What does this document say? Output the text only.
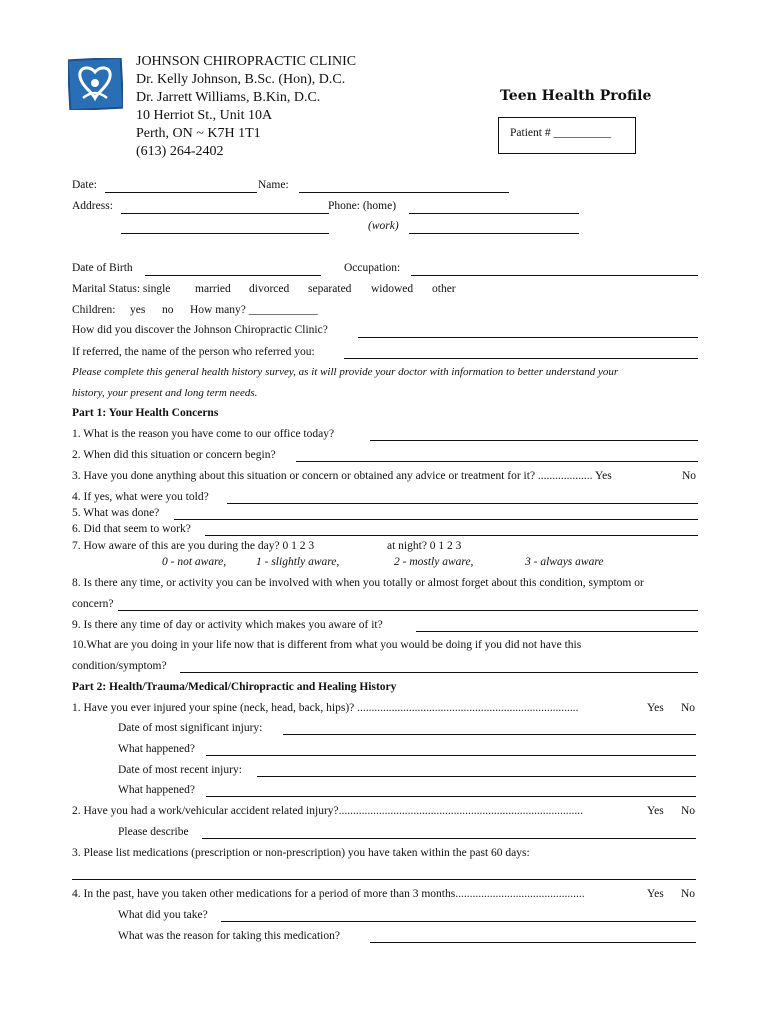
JOHNSON CHIROPRACTIC CLINIC
Dr. Kelly Johnson, B.Sc. (Hon), D.C.
Dr. Jarrett Williams, B.Kin, D.C.
10 Herriot St., Unit 10A
Perth, ON ~ K7H 1T1
(613) 264-2402
Teen Health Profile
Patient # __________
Date:	Name:
Address:	Phone: (home)
(work)
Date of Birth	Occupation:
Marital Status: single married divorced separated widowed other
Children: yes no How many? ____________
How did you discover the Johnson Chiropractic Clinic?
If referred, the name of the person who referred you:
Please complete this general health history survey, as it will provide your doctor with information to better understand your
history, your present and long term needs.
Part 1: Your Health Concerns
1. What is the reason you have come to our office today?
2. When did this situation or concern begin?
3. Have you done anything about this situation or concern or obtained any advice or treatment for it? ................... Yes	No
4. If yes, what were you told?
5. What was done?
6. Did that seem to work?
7. How aware of this are you during the day? 0 1 2 3	at night? 0 1 2 3
0 - not aware,	1 - slightly aware,	2 - mostly aware,	3 - always aware
8. Is there any time, or activity you can be involved with when you totally or almost forget about this condition, symptom or
concern?
9. Is there any time of day or activity which makes you aware of it?
10.What are you doing in your life now that is different from what you would be doing if you did not have this
condition/symptom?
Part 2: Health/Trauma/Medical/Chiropractic and Healing History
1. Have you ever injured your spine (neck, head, back, hips)? .............................................................................	Yes No
Date of most significant injury:
What happened?
Date of most recent injury:
What happened?
2. Have you had a work/vehicular accident related injury?.....................................................................................	Yes No
Please describe
3. Please list medications (prescription or non-prescription) you have taken within the past 60 days:
4. In the past, have you taken other medications for a period of more than 3 months.............................................	Yes No
What did you take?
What was the reason for taking this medication?
